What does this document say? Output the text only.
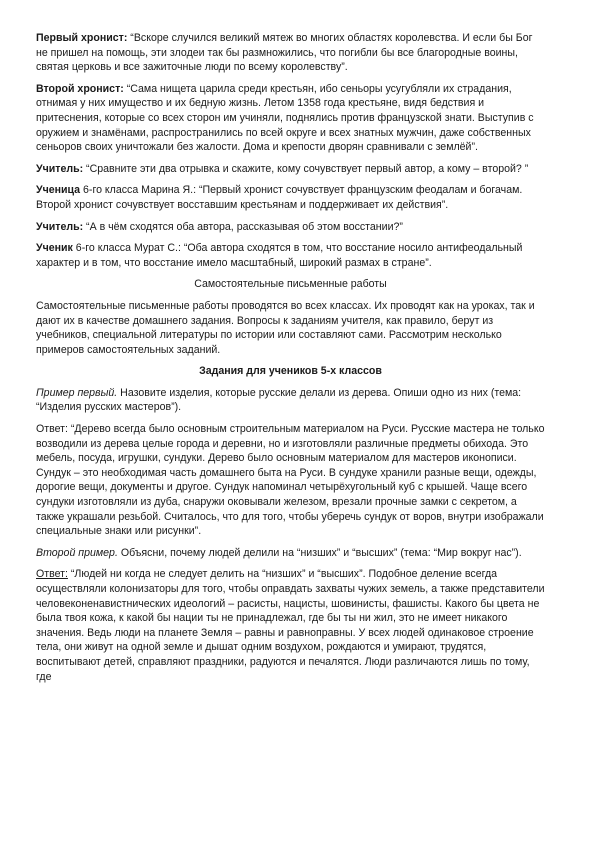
Первый хронист: “Вскоре случился великий мятеж во многих областях королевства. И если бы Бог не пришел на помощь, эти злодеи так бы размножились, что погибли бы все благородные воины, святая церковь и все зажиточные люди по всему королевству”.

Второй хронист: “Сама нищета царила среди крестьян, ибо сеньоры усугубляли их страдания, отнимая у них имущество и их бедную жизнь. Летом 1358 года крестьяне, видя бедствия и притеснения, которые со всех сторон им учиняли, поднялись против французской знати. Выступив с оружием и знамёнами, распространились по всей округе и всех знатных мужчин, даже собственных сеньоров своих уничтожали без жалости. Дома и крепости дворян сравнивали с землёй”.

Учитель: “Сравните эти два отрывка и скажите, кому сочувствует первый автор, а кому – второй? ”

Ученица 6-го класса Марина Я.: “Первый хронист сочувствует французским феодалам и богачам. Второй хронист сочувствует восставшим крестьянам и поддерживает их действия”.

Учитель: “А в чём сходятся оба автора, рассказывая об этом восстании?”

Ученик 6-го класса Мурат С.: “Оба автора сходятся в том, что восстание носило антифеодальный характер и в том, что восстание имело масштабный, широкий размах в стране”.

Самостоятельные письменные работы

Самостоятельные письменные работы проводятся во всех классах. Их проводят как на уроках, так и дают их в качестве домашнего задания. Вопросы к заданиям учителя, как правило, берут из учебников, специальной литературы по истории или составляют сами. Рассмотрим несколько примеров самостоятельных заданий.

Задания для учеников 5-х классов

Пример первый. Назовите изделия, которые русские делали из дерева. Опиши одно из них (тема: “Изделия русских мастеров”).

Ответ: “Дерево всегда было основным строительным материалом на Руси. Русские мастера не только возводили из дерева целые города и деревни, но и изготовляли различные предметы обихода. Это мебель, посуда, игрушки, сундуки. Дерево было основным материалом для мастеров иконописи. Сундук – это необходимая часть домашнего быта на Руси. В сундуке хранили разные вещи, одежды, дорогие вещи, документы и другое. Сундук напоминал четырёхугольный куб с крышей. Чаще всего сундуки изготовляли из дуба, снаружи оковывали железом, врезали прочные замки с секретом, а также украшали резьбой. Считалось, что для того, чтобы уберечь сундук от воров, внутри изображали специальные знаки или рисунки”.

Второй пример. Объясни, почему людей делили на “низших” и “высших” (тема: “Мир вокруг нас”).

Ответ: “Людей ни когда не следует делить на “низших” и “высших”. Подобное деление всегда осуществляли колонизаторы для того, чтобы оправдать захваты чужих земель, а также представители человеконенавистнических идеологий – расисты, нацисты, шовинисты, фашисты. Какого бы цвета не была твоя кожа, к какой бы нации ты не принадлежал, где бы ты ни жил, это не имеет никакого значения. Ведь люди на планете Земля – равны и равноправны. У всех людей одинаковое строение тела, они живут на одной земле и дышат одним воздухом, рождаются и умирают, трудятся, воспитывают детей, справляют праздники, радуются и печалятся. Люди различаются лишь по тому, где
